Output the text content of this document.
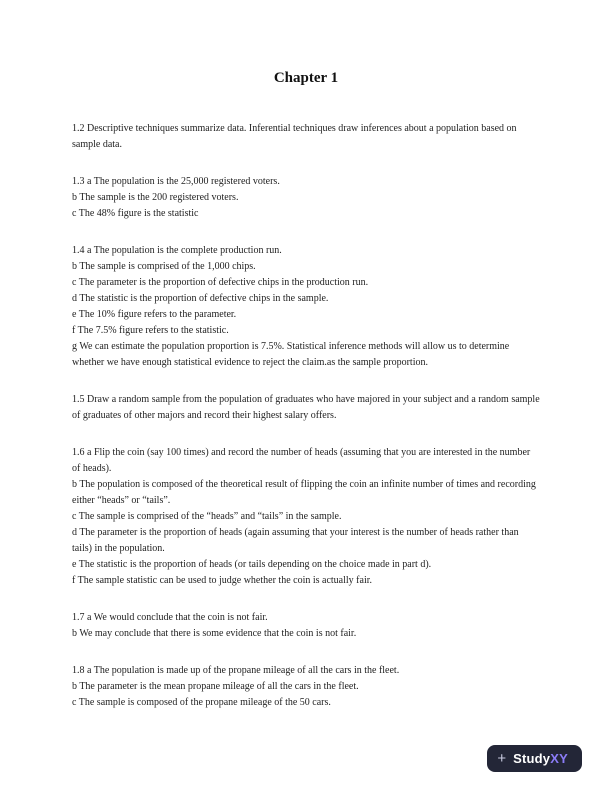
Chapter 1

1.2 Descriptive techniques summarize data. Inferential techniques draw inferences about a population based on sample data.

1.3 a The population is the 25,000 registered voters.

b The sample is the 200 registered voters.

c The 48% figure is the statistic

1.4 a The population is the complete production run.

b The sample is comprised of the 1,000 chips.

c The parameter is the proportion of defective chips in the production run.

d The statistic is the proportion of defective chips in the sample.

e The 10% figure refers to the parameter.

f The 7.5% figure refers to the statistic.

g We can estimate the population proportion is 7.5%. Statistical inference methods will allow us to determine whether we have enough statistical evidence to reject the claim.as the sample proportion.

1.5 Draw a random sample from the population of graduates who have majored in your subject and a random sample of graduates of other majors and record their highest salary offers.

1.6 a Flip the coin (say 100 times) and record the number of heads (assuming that you are interested in the number of heads).

b The population is composed of the theoretical result of flipping the coin an infinite number of times and recording either “heads” or “tails”.

c The sample is comprised of the “heads” and “tails” in the sample.

d The parameter is the proportion of heads (again assuming that your interest is the number of heads rather than tails) in the population.

e The statistic is the proportion of heads (or tails depending on the choice made in part d).

f The sample statistic can be used to judge whether the coin is actually fair.

1.7 a We would conclude that the coin is not fair.

b We may conclude that there is some evidence that the coin is not fair.

1.8 a The population is made up of the propane mileage of all the cars in the fleet.

b The parameter is the mean propane mileage of all the cars in the fleet.

c The sample is composed of the propane mileage of the 50 cars.

+ StudyXY
